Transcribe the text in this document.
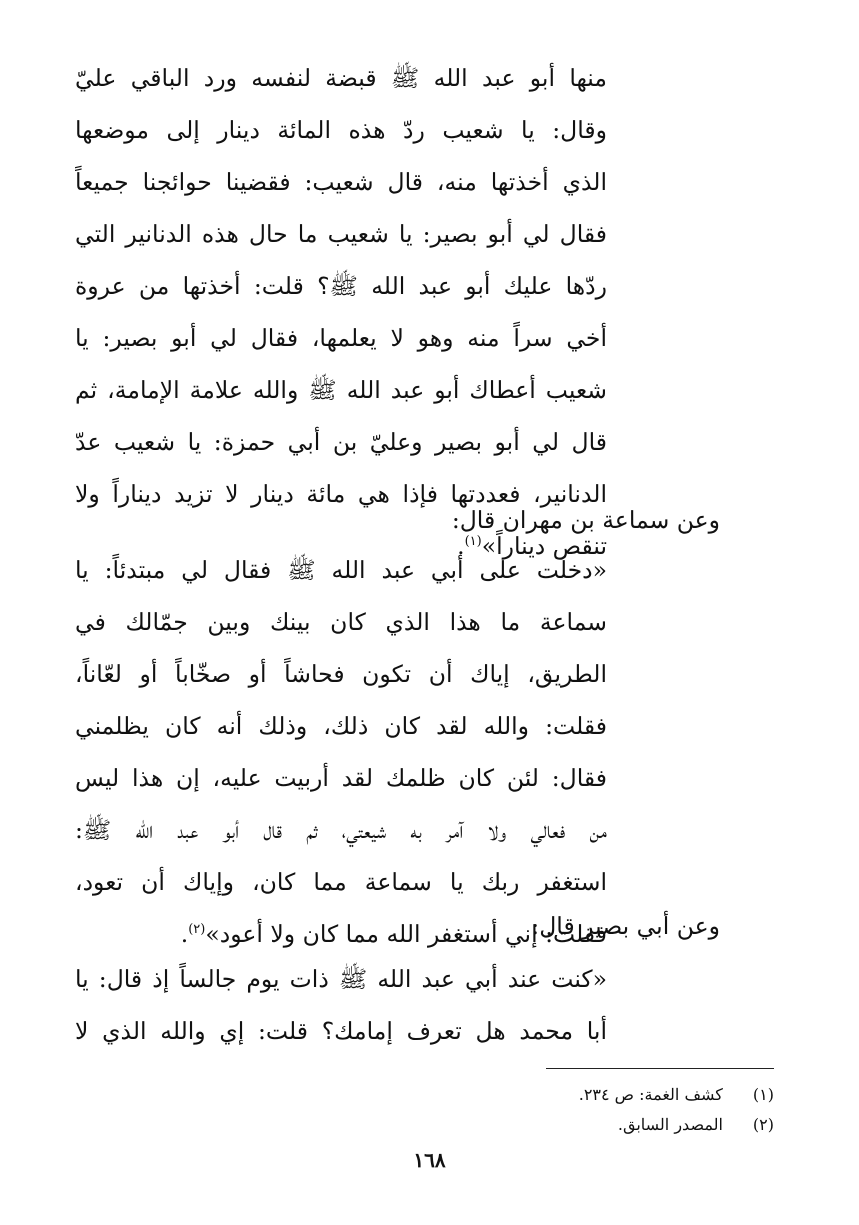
منها أبو عبد الله ﷺ قبضة لنفسه ورد الباقي عليّ
وقال: يا شعيب ردّ هذه المائة دينار إلى موضعها
الذي أخذتها منه، قال شعيب: فقضينا حوائجنا جميعاً
فقال لي أبو بصير: يا شعيب ما حال هذه الدنانير التي
ردّها عليك أبو عبد الله ﷺ؟ قلت: أخذتها من عروة
أخي سراً منه وهو لا يعلمها، فقال لي أبو بصير: يا
شعيب أعطاك أبو عبد الله ﷺ والله علامة الإمامة، ثم
قال لي أبو بصير وعليّ بن أبي حمزة: يا شعيب عدّ
الدنانير، فعددتها فإذا هي مائة دينار لا تزيد ديناراً ولا
تنقص ديناراً»$^{(١)}$.
وعن سماعة بن مهران قال:
«دخلت على أبي عبد الله ﷺ فقال لي مبتدئاً: يا
سماعة ما هذا الذي كان بينك وبين جمّالك في
الطريق، إياك أن تكون فحاشاً أو صخّاباً أو لعّاناً،
فقلت: والله لقد كان ذلك، وذلك أنه كان يظلمني
فقال: لئن كان ظلمك لقد أربيت عليه، إن هذا ليس
من فعالي ولا آمر به شيعتي، ثم قال أبو عبد الله ﷺ:
استغفر ربك يا سماعة مما كان، وإياك أن تعود،
فقلت: إني أستغفر الله مما كان ولا أعود»$^{(٢)}$.	وعن أبي بصير قال:
«كنت عند أبي عبد الله ﷺ ذات يوم جالساً إذ قال: يا
أبا محمد هل تعرف إمامك؟ قلت: إي والله الذي لا
(١) كشف الغمة: ص ٢٣٤.
(٢) المصدر السابق.
١٦٨
